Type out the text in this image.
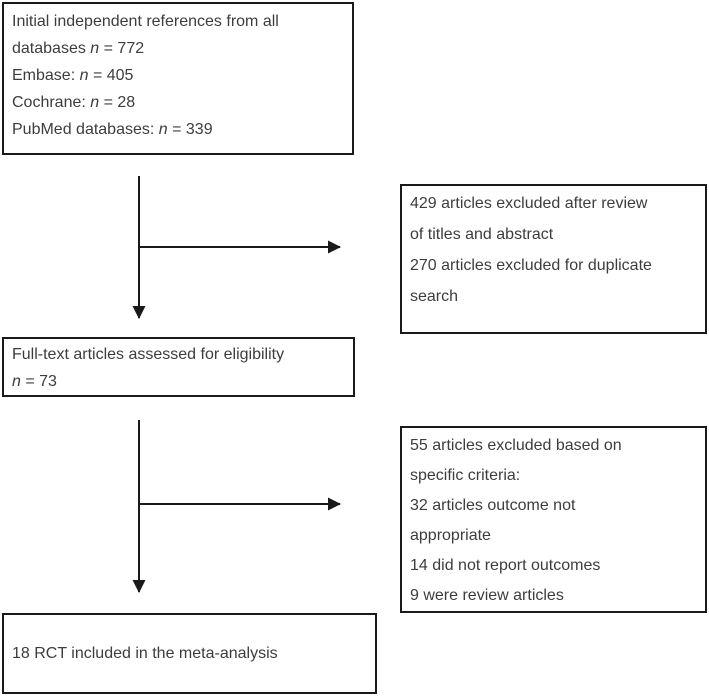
Initial independent references from all
databases n = 772
Embase: n = 405
Cochrane: n = 28
PubMed databases: n = 339
429 articles excluded after review
of titles and abstract
270 articles excluded for duplicate
search
Full-text articles assessed for eligibility
n = 73
55 articles excluded based on
specific criteria:
32 articles outcome not
appropriate
14 did not report outcomes
9 were review articles
18 RCT included in the meta-analysis
